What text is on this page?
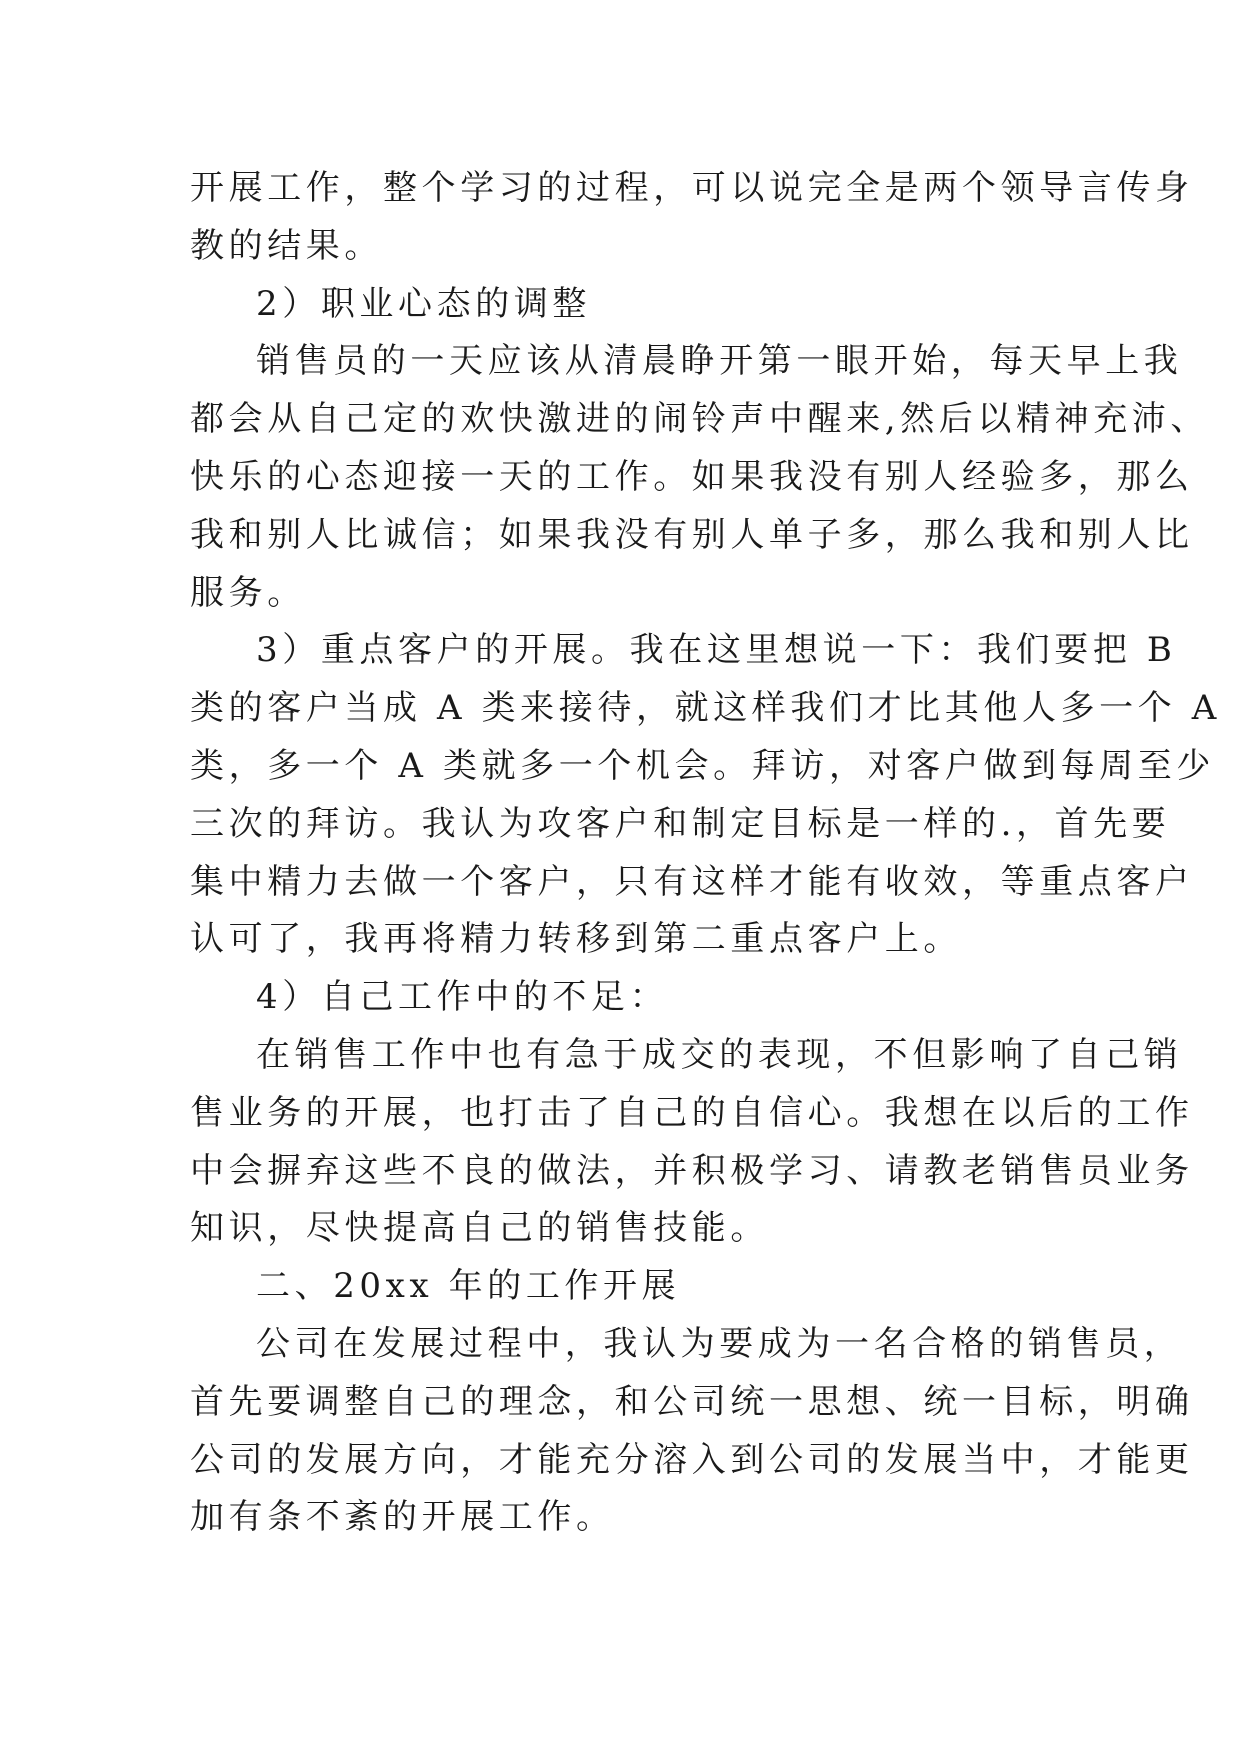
开展工作，整个学习的过程，可以说完全是两个领导言传身
教的结果。
2）职业心态的调整
销售员的一天应该从清晨睁开第一眼开始，每天早上我
都会从自己定的欢快激进的闹铃声中醒来,然后以精神充沛、
快乐的心态迎接一天的工作。如果我没有别人经验多，那么
我和别人比诚信；如果我没有别人单子多，那么我和别人比
服务。
3）重点客户的开展。我在这里想说一下：我们要把 B
类的客户当成 A 类来接待，就这样我们才比其他人多一个 A
类，多一个 A 类就多一个机会。拜访，对客户做到每周至少
三次的拜访。我认为攻客户和制定目标是一样的.，首先要
集中精力去做一个客户，只有这样才能有收效，等重点客户
认可了，我再将精力转移到第二重点客户上。
4）自己工作中的不足：
在销售工作中也有急于成交的表现，不但影响了自己销
售业务的开展，也打击了自己的自信心。我想在以后的工作
中会摒弃这些不良的做法，并积极学习、请教老销售员业务
知识，尽快提高自己的销售技能。
二、20xx 年的工作开展
公司在发展过程中，我认为要成为一名合格的销售员，
首先要调整自己的理念，和公司统一思想、统一目标，明确
公司的发展方向，才能充分溶入到公司的发展当中，才能更
加有条不紊的开展工作。
